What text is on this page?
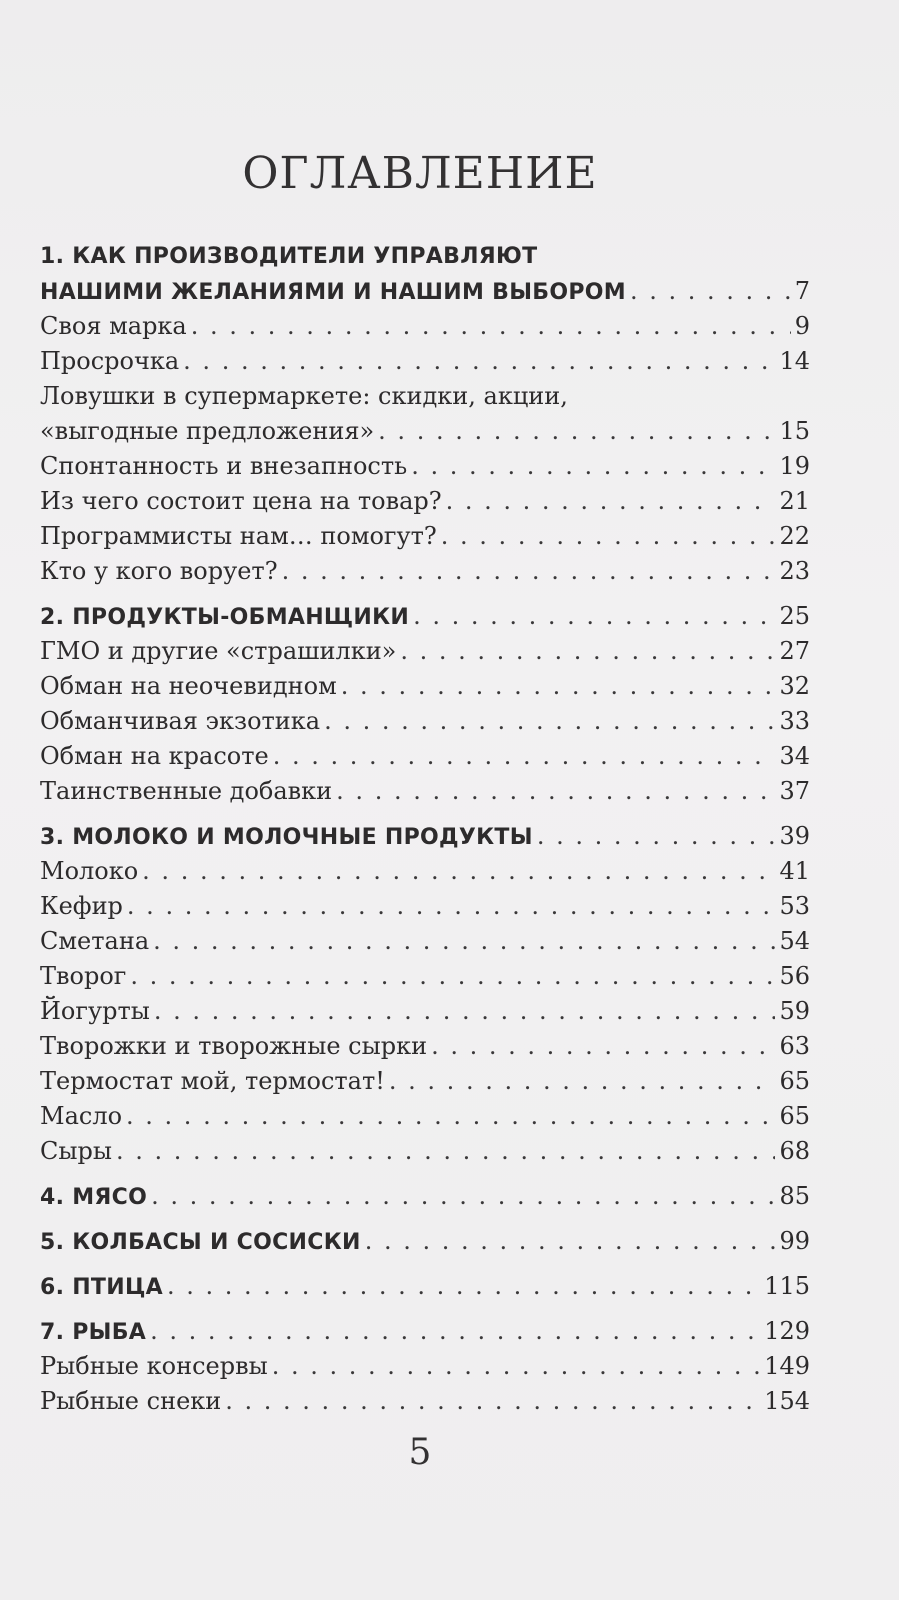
ОГЛАВЛЕНИЕ
1. КАК ПРОИЗВОДИТЕЛИ УПРАВЛЯЮТ
НАШИМИ ЖЕЛАНИЯМИ И НАШИМ ВЫБОРОМ . . .	7
Своя марка . . .	9
Просрочка . . .	14
Ловушки в супермаркете: скидки, акции,
«выгодные предложения» . . .	15
Спонтанность и внезапность . . .	19
Из чего состоит цена на товар? . . .	21
Программисты нам… помогут? . . .	22
Кто у кого ворует? . . .	23
2. ПРОДУКТЫ-ОБМАНЩИКИ . . .	25
ГМО и другие «страшилки» . . .	27
Обман на неочевидном . . .	32
Обманчивая экзотика . . .	33
Обман на красоте . . .	34
Таинственные добавки . . .	37
3. МОЛОКО И МОЛОЧНЫЕ ПРОДУКТЫ . . .	39
Молоко . . .	41
Кефир . . .	53
Сметана . . .	54
Творог . . .	56
Йогурты . . .	59
Творожки и творожные сырки . . .	63
Термостат мой, термостат! . . .	65
Масло . . .	65
Сыры . . .	68
4. МЯСО . . .	85
5. КОЛБАСЫ И СОСИСКИ . . .	99
6. ПТИЦА . . .	115
7. РЫБА . . .	129
Рыбные консервы . . .	149
Рыбные снеки . . .	154
5
